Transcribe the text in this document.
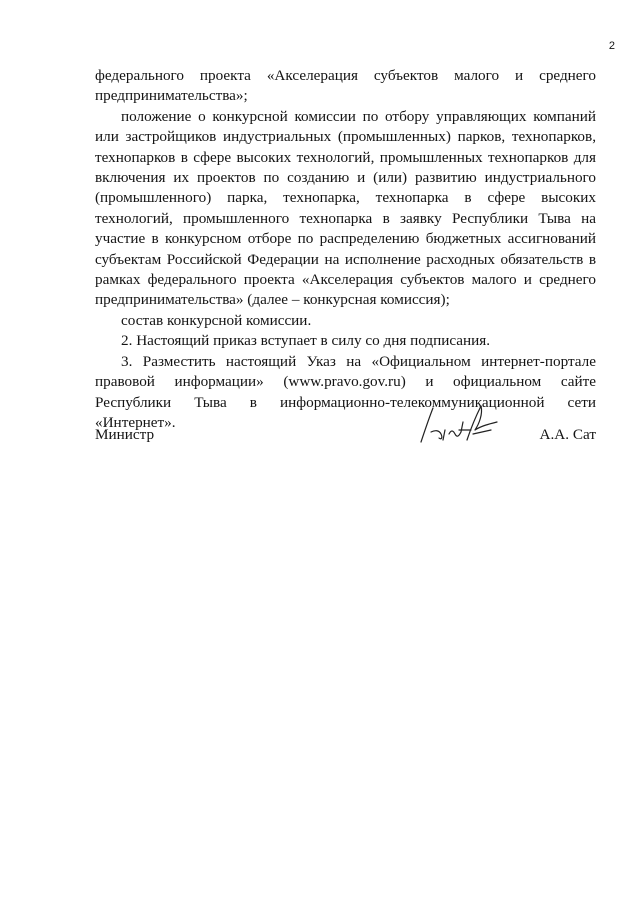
2

федерального проекта «Акселерация субъектов малого и среднего предпринимательства»;

положение о конкурсной комиссии по отбору управляющих компаний или застройщиков индустриальных (промышленных) парков, технопарков, технопарков в сфере высоких технологий, промышленных технопарков для включения их проектов по созданию и (или) развитию индустриального (промышленного) парка, технопарка, технопарка в сфере высоких технологий, промышленного технопарка в заявку Республики Тыва на участие в конкурсном отборе по распределению бюджетных ассигнований субъектам Российской Федерации на исполнение расходных обязательств в рамках федерального проекта «Акселерация субъектов малого и среднего предпринимательства» (далее – конкурсная комиссия);

состав конкурсной комиссии.

2. Настоящий приказ вступает в силу со дня подписания.

3. Разместить настоящий Указ на «Официальном интернет-портале правовой информации» (www.pravo.gov.ru) и официальном сайте Республики Тыва в информационно-телекоммуникационной сети «Интернет».

Министр	А.А. Сат
